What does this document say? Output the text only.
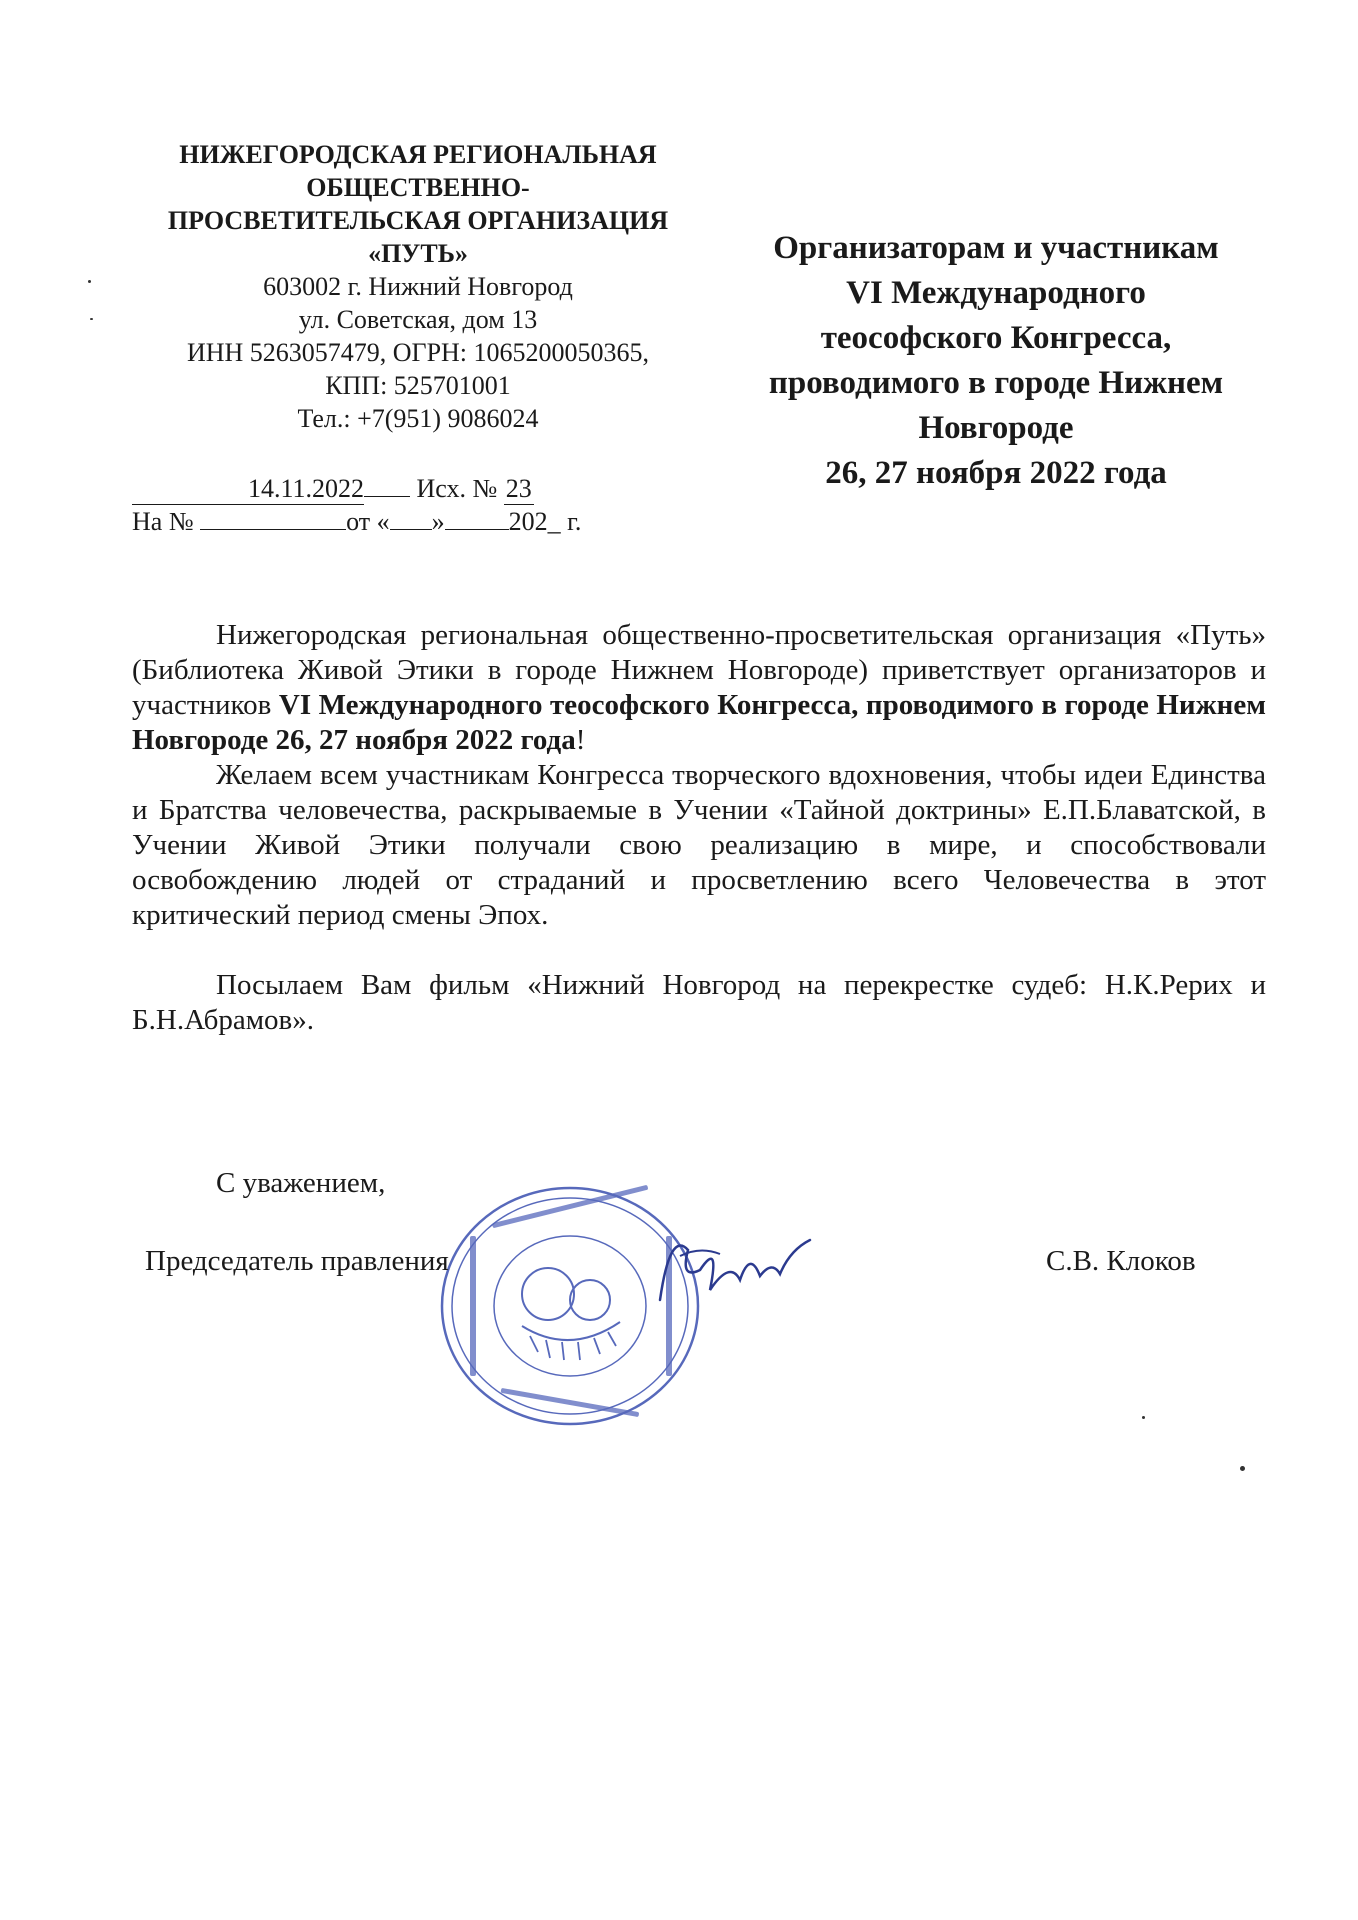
НИЖЕГОРОДСКАЯ РЕГИОНАЛЬНАЯ
ОБЩЕСТВЕННО-
ПРОСВЕТИТЕЛЬСКАЯ ОРГАНИЗАЦИЯ
«ПУТЬ»
603002 г. Нижний Новгород
ул. Советская, дом 13
ИНН 5263057479, ОГРН: 1065200050365,
КПП: 525701001
Тел.: +7(951) 9086024
14.11.2022 Исх. № 23
На №	от « » 202_ г.
Организаторам и участникам
VI Международного
теософского Конгресса,
проводимого в городе Нижнем
Новгороде
26, 27 ноября 2022 года

Нижегородская региональная общественно-просветительская организация «Путь» (Библиотека Живой Этики в городе Нижнем Новгороде) приветствует организаторов и участников VI Международного теософского Конгресса, проводимого в городе Нижнем Новгороде 26, 27 ноября 2022 года!

Желаем всем участникам Конгресса творческого вдохновения, чтобы идеи Единства и Братства человечества, раскрываемые в Учении «Тайной доктрины» Е.П.Блаватской, в Учении Живой Этики получали свою реализацию в мире, и способствовали освобождению людей от страданий и просветлению всего Человечества в этот критический период смены Эпох.

Посылаем Вам фильм «Нижний Новгород на перекрестке судеб: Н.К.Рерих и Б.Н.Абрамов».

С уважением,
Председатель правления	С.В. Клоков
